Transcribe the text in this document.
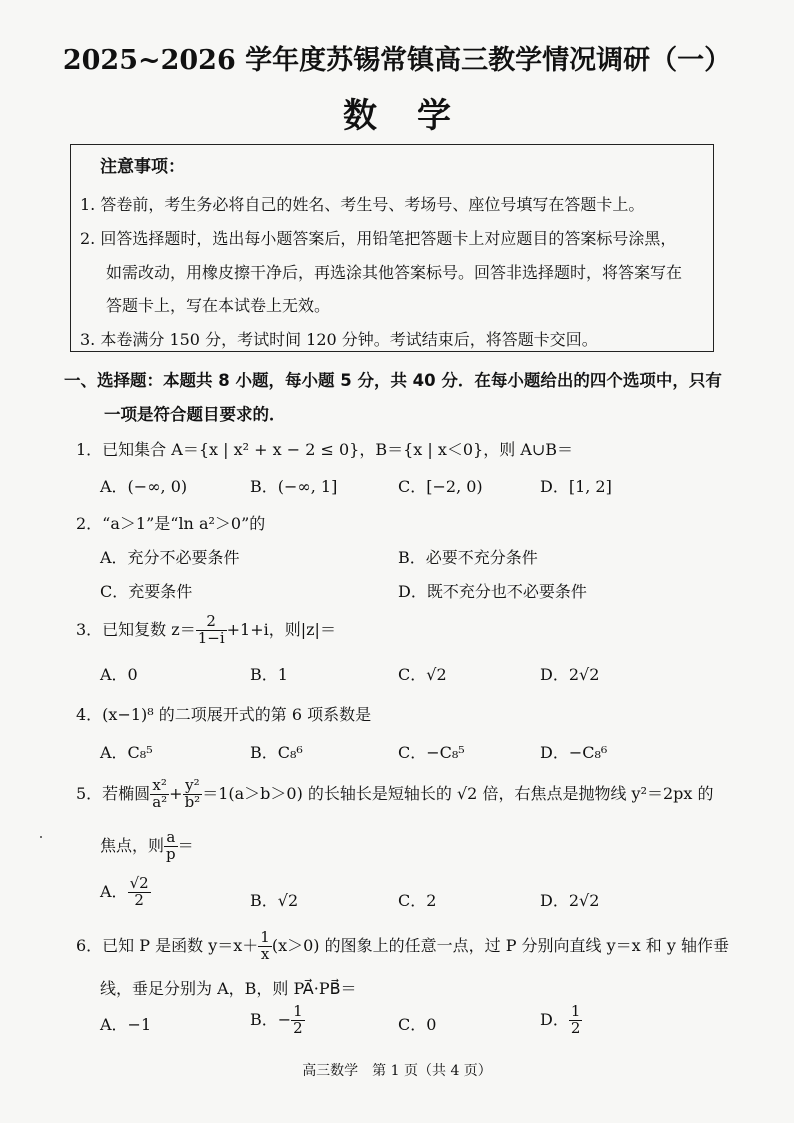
2025~2026 学年度苏锡常镇高三教学情况调研（一）
数学
注意事项：
1. 答卷前，考生务必将自己的姓名、考生号、考场号、座位号填写在答题卡上。
2. 回答选择题时，选出每小题答案后，用铅笔把答题卡上对应题目的答案标号涂黑，
如需改动，用橡皮擦干净后，再选涂其他答案标号。回答非选择题时，将答案写在
答题卡上，写在本试卷上无效。
3. 本卷满分 150 分，考试时间 120 分钟。考试结束后，将答题卡交回。
一、选择题：本题共 8 小题，每小题 5 分，共 40 分．在每小题给出的四个选项中，只有
一项是符合题目要求的．
1．已知集合 A＝{x | x² + x − 2 ≤ 0}，B＝{x | x＜0}，则 A∪B＝
A．(−∞, 0)	B．(−∞, 1]	C．[−2, 0)	D．[1, 2]
2．“a＞1”是“ln a²＞0”的
A．充分不必要条件	B．必要不充分条件
C．充要条件	D．既不充分也不必要条件
3．已知复数 $z= \frac{2}{1-i} +1+i$，则|z|＝
A．0	B．1	C．√2	D．2√2
4．(x−1)⁸ 的二项展开式的第 6 项系数是
A．C₈⁵	B．C₈⁶	C．−C₈⁵	D．−C₈⁶
5．若椭圆 $\frac{\text{x²}}{\text{a²}} + \frac{\text{y²}}{\text{b²}} =1(a>b>0)$ 的长轴长是短轴长的 √2 倍，右焦点是抛物线 y²＝2px 的
焦点，则 $\frac{a}{p}$ ＝
A． $\frac{√2}{2}$	B．√2	C．2	D．2√2
6．已知 P 是函数 $y=x+ \frac{1}{x} (x>0)$ 的图象上的任意一点，过 P 分别向直线 y＝x 和 y 轴作垂
线，垂足分别为 A，B，则 PA⃗·PB⃗＝
A．−1	B．− $\frac{1}{2}$	C．0	D． $\frac{1}{2}$
高三数学　第 1 页（共 4 页）
